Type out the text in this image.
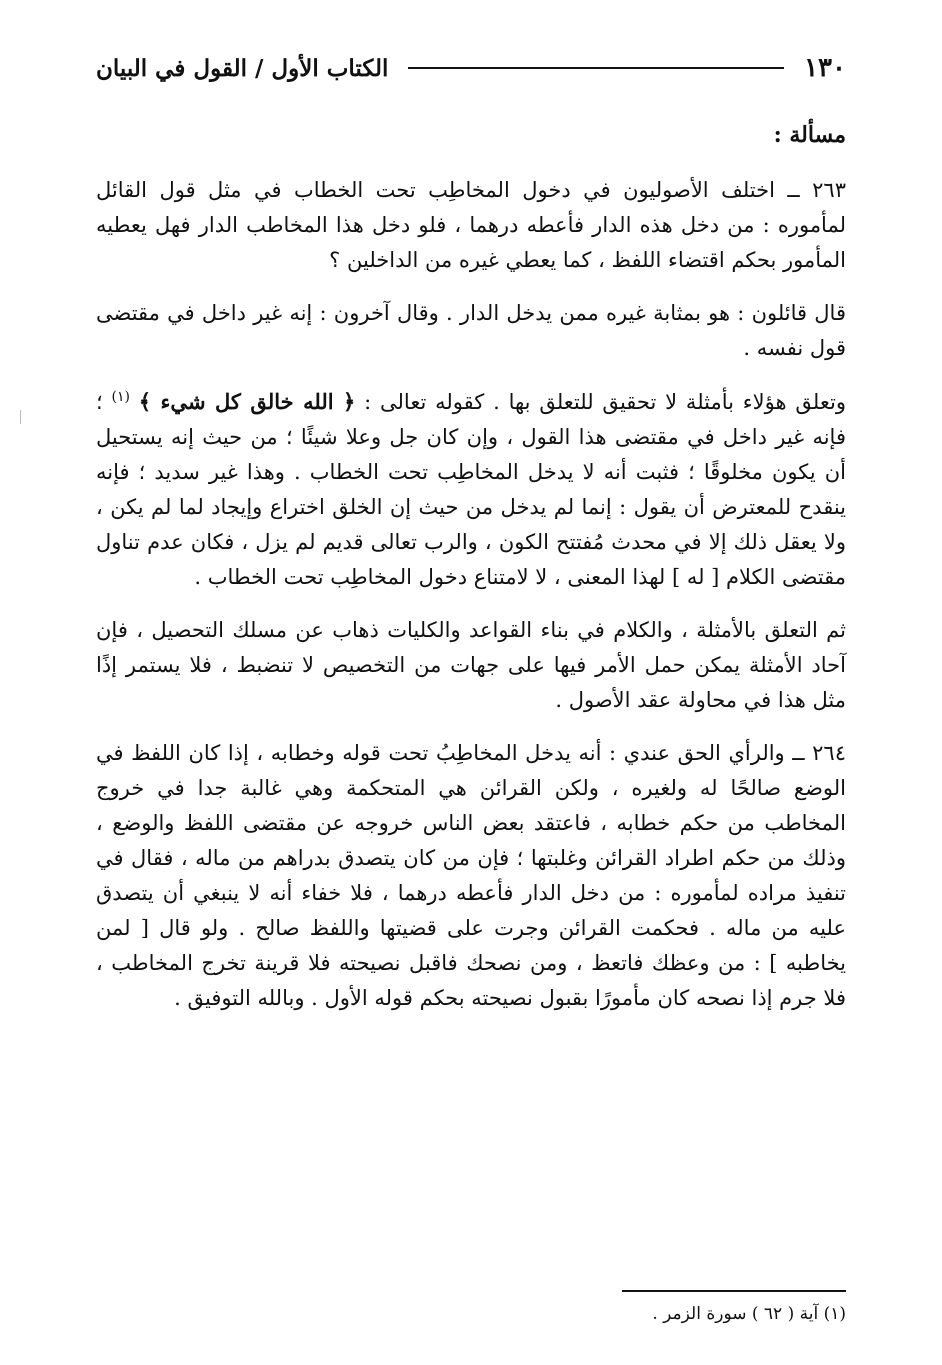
١٣٠
الكتاب الأول / القول في البيان

مسألة :

٢٦٣ ــ اختلف الأصوليون في دخول المخاطِب تحت الخطاب في مثل قول القائل لمأموره : من دخل هذه الدار فأعطه درهما ، فلو دخل هذا المخاطب الدار فهل يعطيه المأمور بحكم اقتضاء اللفظ ، كما يعطي غيره من الداخلين ؟

قال قائلون : هو بمثابة غيره ممن يدخل الدار . وقال آخرون : إنه غير داخل في مقتضى قول نفسه .

وتعلق هؤلاء بأمثلة لا تحقيق للتعلق بها . كقوله تعالى : ﴿ الله خالق كل شيء ﴾ $^{(١)}$ ؛ فإنه غير داخل في مقتضى هذا القول ، وإن كان جل وعلا شيئًا ؛ من حيث إنه يستحيل أن يكون مخلوقًا ؛ فثبت أنه لا يدخل المخاطِب تحت الخطاب . وهذا غير سديد ؛ فإنه ينقدح للمعترض أن يقول : إنما لم يدخل من حيث إن الخلق اختراع وإيجاد لما لم يكن ، ولا يعقل ذلك إلا في محدث مُفتتح الكون ، والرب تعالى قديم لم يزل ، فكان عدم تناول مقتضى الكلام [ له ] لهذا المعنى ، لا لامتناع دخول المخاطِب تحت الخطاب .

ثم التعلق بالأمثلة ، والكلام في بناء القواعد والكليات ذهاب عن مسلك التحصيل ، فإن آحاد الأمثلة يمكن حمل الأمر فيها على جهات من التخصيص لا تنضبط ، فلا يستمر إذًا مثل هذا في محاولة عقد الأصول .

٢٦٤ ــ والرأي الحق عندي : أنه يدخل المخاطِبُ تحت قوله وخطابه ، إذا كان اللفظ في الوضع صالحًا له ولغيره ، ولكن القرائن هي المتحكمة وهي غالبة جدا في خروج المخاطب من حكم خطابه ، فاعتقد بعض الناس خروجه عن مقتضى اللفظ والوضع ، وذلك من حكم اطراد القرائن وغلبتها ؛ فإن من كان يتصدق بدراهم من ماله ، فقال في تنفيذ مراده لمأموره : من دخل الدار فأعطه درهما ، فلا خفاء أنه لا ينبغي أن يتصدق عليه من ماله . فحكمت القرائن وجرت على قضيتها واللفظ صالح . ولو قال [ لمن يخاطبه ] : من وعظك فاتعظ ، ومن نصحك فاقبل نصيحته فلا قرينة تخرج المخاطب ، فلا جرم إذا نصحه كان مأمورًا بقبول نصيحته بحكم قوله الأول . وبالله التوفيق .

(١) آية ( ٦٢ ) سورة الزمر .
